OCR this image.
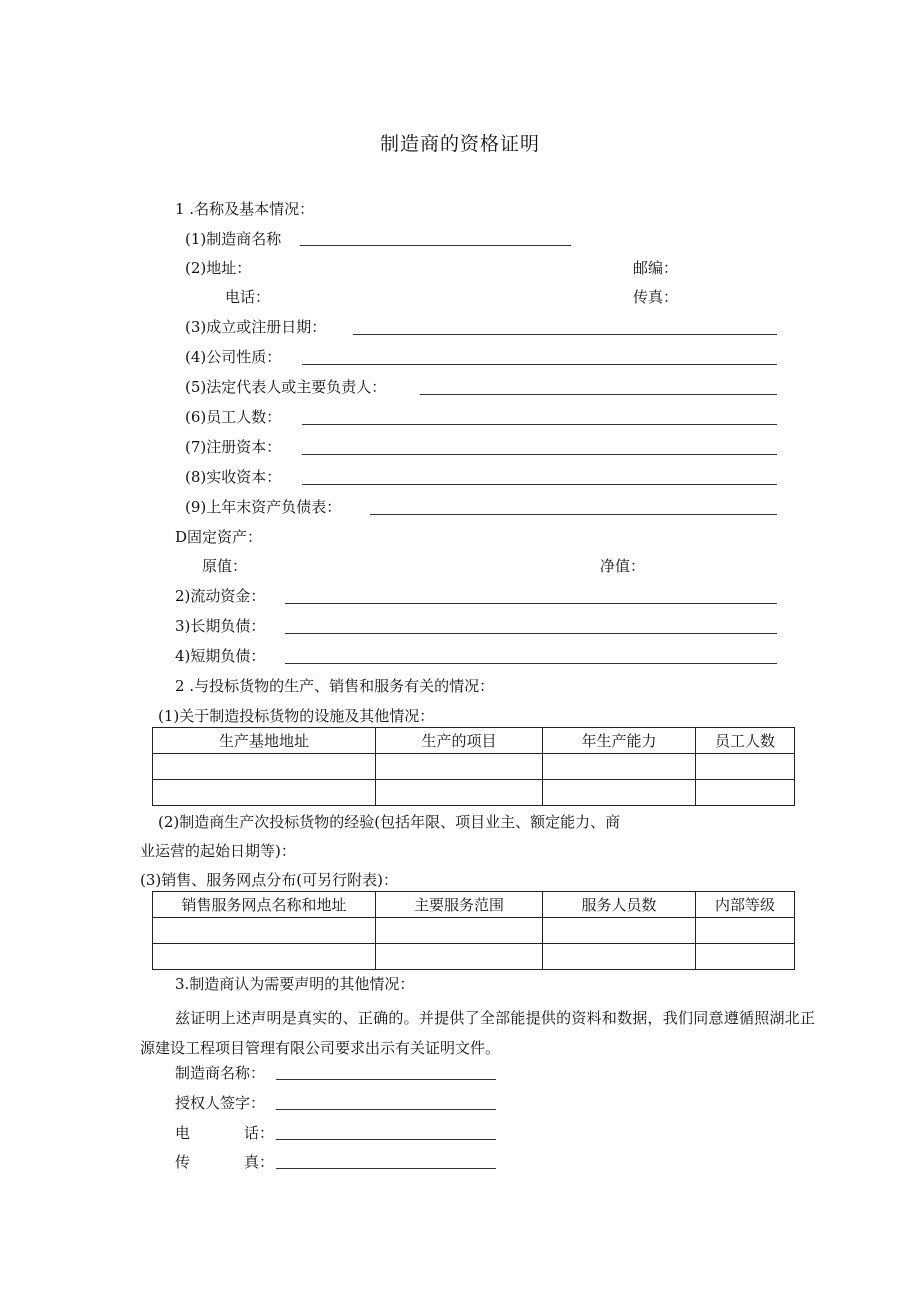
制造商的资格证明
1 .名称及基本情况：
(1)制造商名称
(2)地址：	邮编：
电话：	传真：
(3)成立或注册日期：
(4)公司性质：
(5)法定代表人或主要负责人：
(6)员工人数：
(7)注册资本：
(8)实收资本：
(9)上年末资产负债表：
D固定资产：
原值：	净值：
2)流动资金：
3)长期负债：
4)短期负债：
2 .与投标货物的生产、销售和服务有关的情况：
(1)关于制造投标货物的设施及其他情况：
生产基地地址	生产的项目	年生产能力	员工人数

(2)制造商生产次投标货物的经验(包括年限、项目业主、额定能力、商
业运营的起始日期等)：
(3)销售、服务网点分布(可另行附表)：
销售服务网点名称和地址	主要服务范围	服务人员数	内部等级

3.制造商认为需要声明的其他情况：
兹证明上述声明是真实的、正确的。并提供了全部能提供的资料和数据，我们同意遵循照湖北正源建设工程项目管理有限公司要求出示有关证明文件。
制造商名称：
授权人签字：
电	话：
传	真：
